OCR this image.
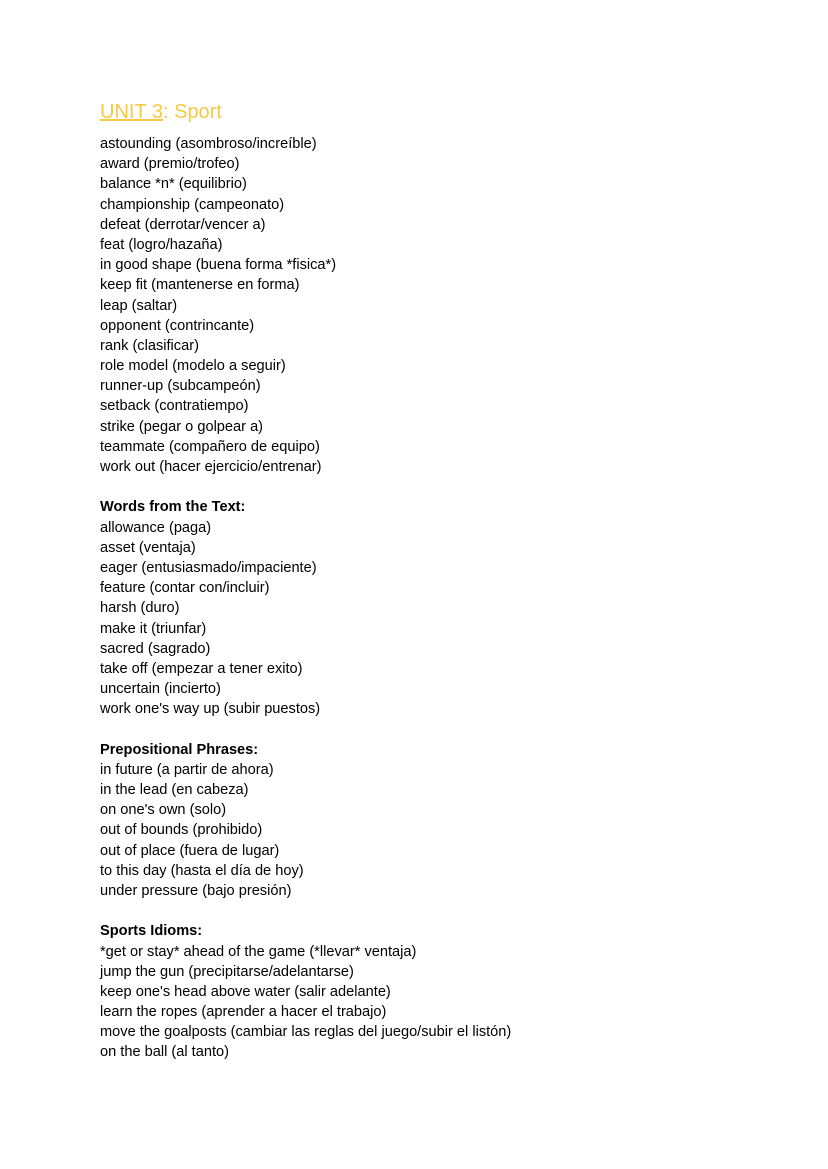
UNIT 3: Sport
astounding (asombroso/increíble)
award (premio/trofeo)
balance *n* (equilibrio)
championship (campeonato)
defeat (derrotar/vencer a)
feat (logro/hazaña)
in good shape (buena forma *fisica*)
keep fit (mantenerse en forma)
leap (saltar)
opponent (contrincante)
rank (clasificar)
role model (modelo a seguir)
runner-up (subcampeón)
setback (contratiempo)
strike (pegar o golpear a)
teammate (compañero de equipo)
work out (hacer ejercicio/entrenar)
Words from the Text:
allowance (paga)
asset (ventaja)
eager (entusiasmado/impaciente)
feature (contar con/incluir)
harsh (duro)
make it (triunfar)
sacred (sagrado)
take off (empezar a tener exito)
uncertain (incierto)
work one's way up (subir puestos)
Prepositional Phrases:
in future (a partir de ahora)
in the lead (en cabeza)
on one's own (solo)
out of bounds (prohibido)
out of place (fuera de lugar)
to this day (hasta el día de hoy)
under pressure (bajo presión)
Sports Idioms:
*get or stay* ahead of the game (*llevar* ventaja)
jump the gun (precipitarse/adelantarse)
keep one's head above water (salir adelante)
learn the ropes (aprender a hacer el trabajo)
move the goalposts (cambiar las reglas del juego/subir el listón)
on the ball (al tanto)
